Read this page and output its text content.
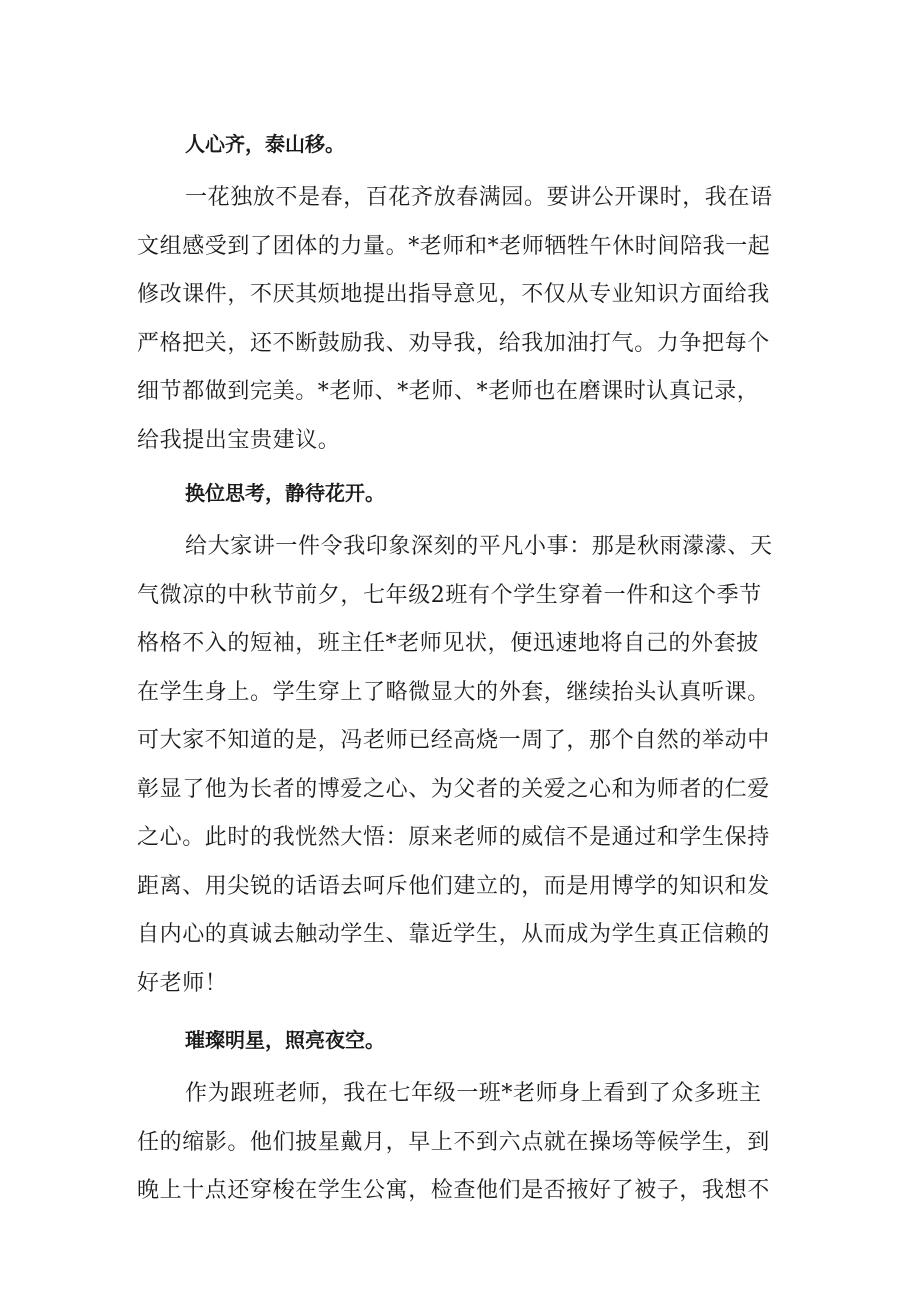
人心齐，泰山移。
一花独放不是春，百花齐放春满园。要讲公开课时，我在语
文组感受到了团体的力量。*老师和*老师牺牲午休时间陪我一起
修改课件，不厌其烦地提出指导意见，不仅从专业知识方面给我
严格把关，还不断鼓励我、劝导我，给我加油打气。力争把每个
细节都做到完美。*老师、*老师、*老师也在磨课时认真记录，
给我提出宝贵建议。
换位思考，静待花开。
给大家讲一件令我印象深刻的平凡小事：那是秋雨濛濛、天
气微凉的中秋节前夕，七年级2班有个学生穿着一件和这个季节
格格不入的短袖，班主任*老师见状，便迅速地将自己的外套披
在学生身上。学生穿上了略微显大的外套，继续抬头认真听课。
可大家不知道的是，冯老师已经高烧一周了，那个自然的举动中
彰显了他为长者的博爱之心、为父者的关爱之心和为师者的仁爱
之心。此时的我恍然大悟：原来老师的威信不是通过和学生保持
距离、用尖锐的话语去呵斥他们建立的，而是用博学的知识和发
自内心的真诚去触动学生、靠近学生，从而成为学生真正信赖的
好老师！
璀璨明星，照亮夜空。
作为跟班老师，我在七年级一班*老师身上看到了众多班主
任的缩影。他们披星戴月，早上不到六点就在操场等候学生，到
晚上十点还穿梭在学生公寓，检查他们是否掖好了被子，我想不
